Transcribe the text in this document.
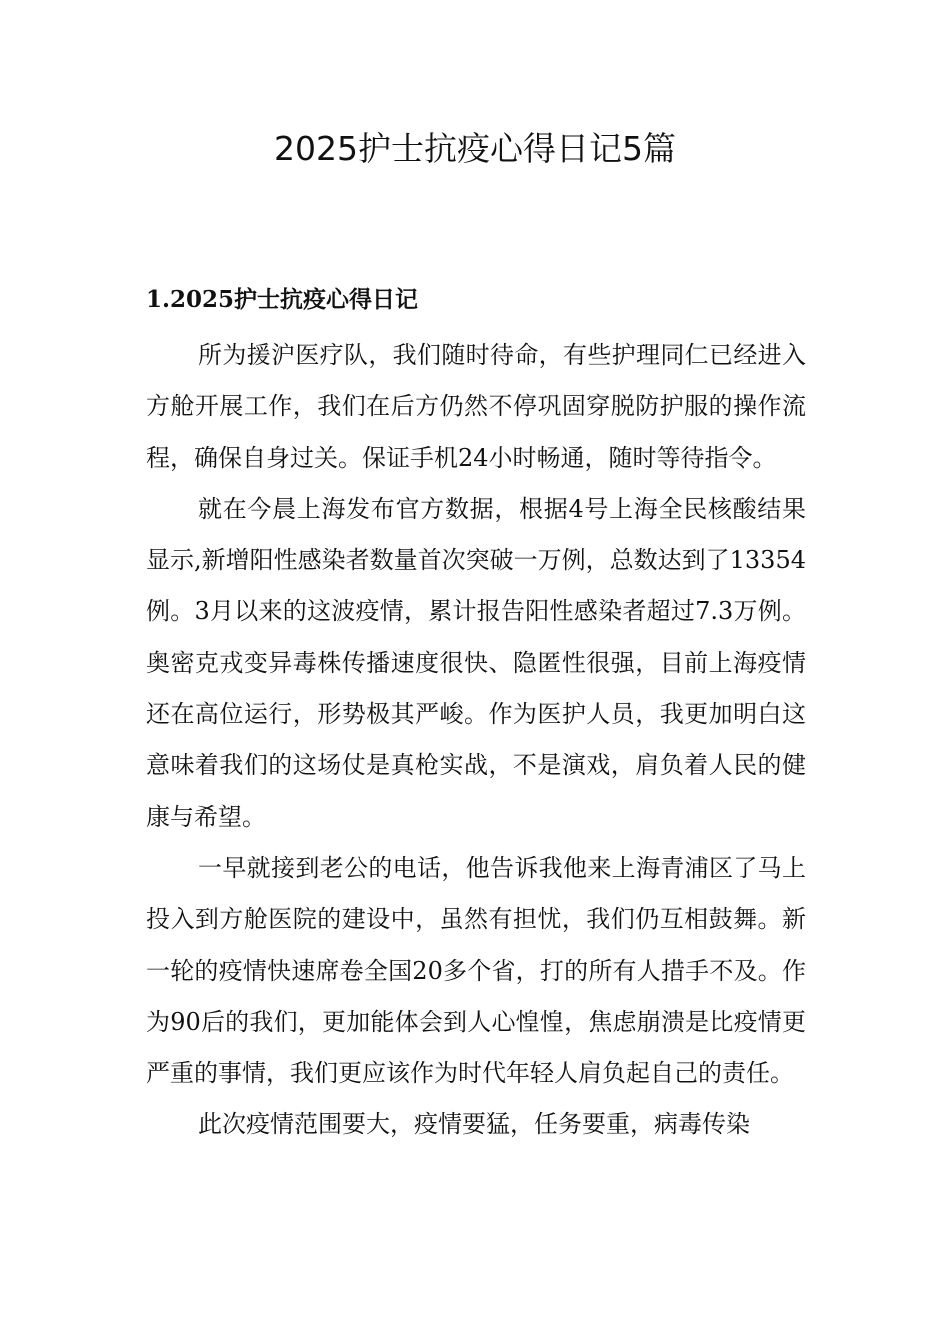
2025护士抗疫心得日记5篇
1.2025护士抗疫心得日记

所为援沪医疗队，我们随时待命，有些护理同仁已经进入方舱开展工作，我们在后方仍然不停巩固穿脱防护服的操作流程，确保自身过关。保证手机24小时畅通，随时等待指令。

就在今晨上海发布官方数据，根据4号上海全民核酸结果显示,新增阳性感染者数量首次突破一万例，总数达到了13354例。3月以来的这波疫情，累计报告阳性感染者超过7.3万例。奥密克戎变异毒株传播速度很快、隐匿性很强，目前上海疫情还在高位运行，形势极其严峻。作为医护人员，我更加明白这意味着我们的这场仗是真枪实战，不是演戏，肩负着人民的健康与希望。

一早就接到老公的电话，他告诉我他来上海青浦区了马上投入到方舱医院的建设中，虽然有担忧，我们仍互相鼓舞。新一轮的疫情快速席卷全国20多个省，打的所有人措手不及。作为90后的我们，更加能体会到人心惶惶，焦虑崩溃是比疫情更严重的事情，我们更应该作为时代年轻人肩负起自己的责任。

此次疫情范围要大，疫情要猛，任务要重，病毒传染
